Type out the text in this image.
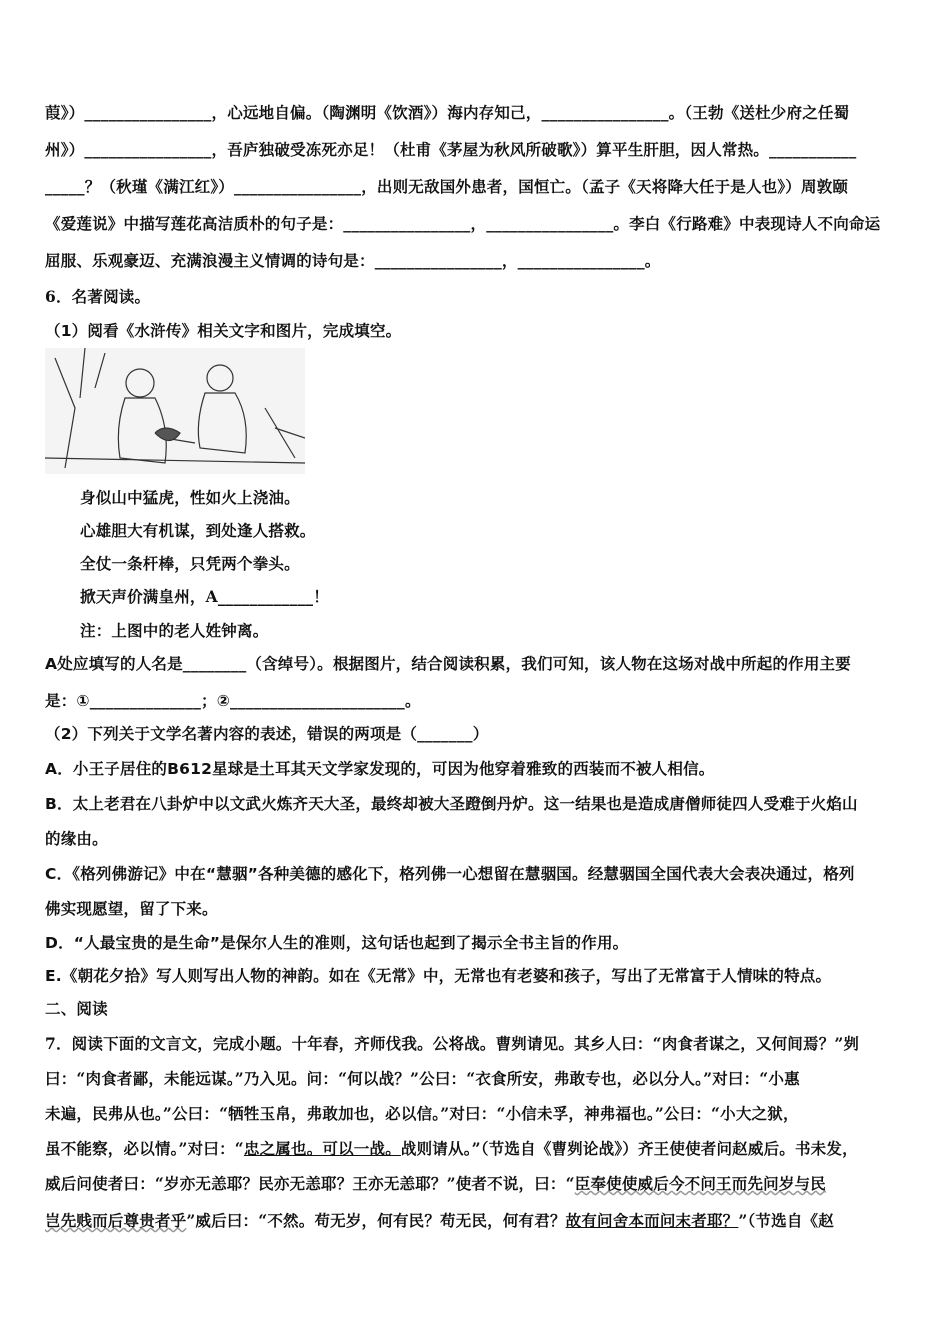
葭》）________________，心远地自偏。（陶渊明《饮酒》）海内存知己，________________。（王勃《送杜少府之任蜀
州》）________________，吾庐独破受冻死亦足！（杜甫《茅屋为秋风所破歌》）算平生肝胆，因人常热。___________
_____？（秋瑾《满江红》）________________，出则无敌国外患者，国恒亡。（孟子《天将降大任于是人也》）周敦颐
《爱莲说》中描写莲花高洁质朴的句子是：________________，________________。李白《行路难》中表现诗人不向命运
屈服、乐观豪迈、充满浪漫主义情调的诗句是：________________，________________。
6．名著阅读。
（1）阅看《水浒传》相关文字和图片，完成填空。
身似山中猛虎，性如火上浇油。
心雄胆大有机谋，到处逢人搭救。
全仗一条杆棒，只凭两个拳头。
掀天声价满皇州，A____________！
注：上图中的老人姓钟离。
A处应填写的人名是________（含绰号）。根据图片，结合阅读积累，我们可知，该人物在这场对战中所起的作用主要
是：①______________；②______________________。
（2）下列关于文学名著内容的表述，错误的两项是（_______）
A．小王子居住的B612星球是土耳其天文学家发现的，可因为他穿着雅致的西装而不被人相信。
B．太上老君在八卦炉中以文武火炼齐天大圣，最终却被大圣蹬倒丹炉。这一结果也是造成唐僧师徒四人受难于火焰山
的缘由。
C．《格列佛游记》中在“慧骃”各种美德的感化下，格列佛一心想留在慧骃国。经慧骃国全国代表大会表决通过，格列
佛实现愿望，留了下来。
D．“人最宝贵的是生命”是保尔人生的准则，这句话也起到了揭示全书主旨的作用。
E.《朝花夕拾》写人则写出人物的神韵。如在《无常》中，无常也有老婆和孩子，写出了无常富于人情味的特点。
二、阅读
7．阅读下面的文言文，完成小题。十年春，齐师伐我。公将战。曹刿请见。其乡人曰：“肉食者谋之，又何间焉？”刿
曰：“肉食者鄙，未能远谋。”乃入见。问：“何以战？”公曰：“衣食所安，弗敢专也，必以分人。”对曰：“小惠
未遍，民弗从也。”公曰：“牺牲玉帛，弗敢加也，必以信。”对曰：“小信未孚，神弗福也。”公曰：“小大之狱，
虽不能察，必以情。”对曰：“忠之属也。可以一战。战则请从。”（节选自《曹刿论战》）齐王使使者问赵威后。书未发，
威后问使者曰：“岁亦无恙耶？民亦无恙耶？王亦无恙耶？”使者不说，曰：“臣奉使使威后今不问王而先问岁与民
岂先贱而后尊贵者乎”威后曰：“不然。苟无岁，何有民？苟无民，何有君？故有问舍本而问末者耶？”（节选自《赵
